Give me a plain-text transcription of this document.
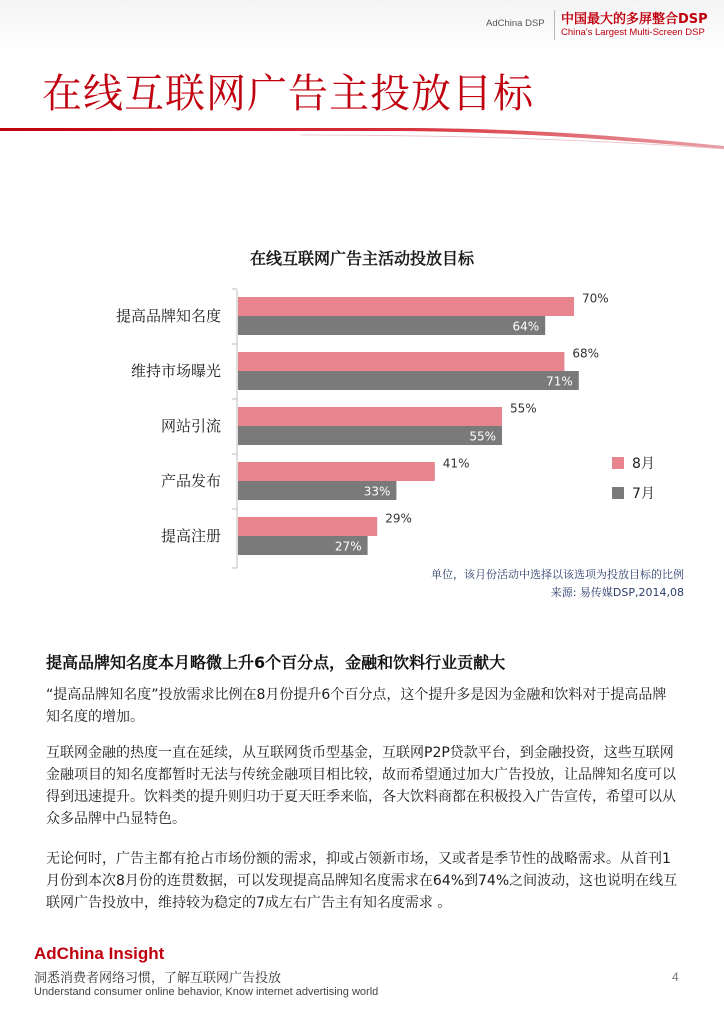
AdChina DSP 中国最大的多屏整合DSP
China's Largest Multi-Screen DSP
在线互联网广告主投放目标
在线互联网广告主活动投放目标
提高品牌知名度
70%
64%
维持市场曝光
68%
71%
网站引流
55%
55%
产品发布
41%
33%
提高注册
29%
27%
8月
7月
单位，该月份活动中选择以该选项为投放目标的比例
来源: 易传媒DSP,2014,08
提高品牌知名度本月略微上升6个百分点，金融和饮料行业贡献大

“提高品牌知名度”投放需求比例在8月份提升6个百分点，这个提升多是因为金融和饮料对于提高品牌知名度的增加。

互联网金融的热度一直在延续，从互联网货币型基金，互联网P2P贷款平台，到金融投资，这些互联网金融项目的知名度都暂时无法与传统金融项目相比较，故而希望通过加大广告投放，让品牌知名度可以得到迅速提升。饮料类的提升则归功于夏天旺季来临，各大饮料商都在积极投入广告宣传，希望可以从众多品牌中凸显特色。

无论何时，广告主都有抢占市场份额的需求，抑或占领新市场，又或者是季节性的战略需求。从首刊1月份到本次8月份的连贯数据，可以发现提高品牌知名度需求在64%到74%之间波动，这也说明在线互联网广告投放中，维持较为稳定的7成左右广告主有知名度需求 。

AdChina Insight
洞悉消费者网络习惯，了解互联网广告投放
Understand consumer online behavior, Know internet advertising world
4
